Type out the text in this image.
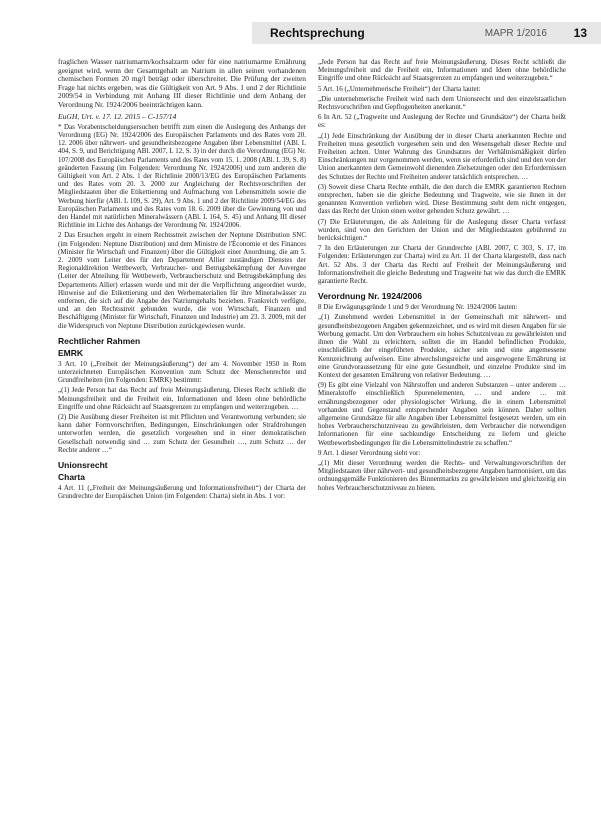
Rechtsprechung	MAPR 1/2016 13

fraglichen Wasser natriumarm/kochsalzarm oder für eine natriumarme Ernährung geeignet wird, wenn der Gesamtgehalt an Natrium in allen seinen vorhandenen chemischen Formen 20 mg/l beträgt oder überschreitet. Die Prüfung der zweiten Frage hat nichts ergeben, was die Gültigkeit von Art. 9 Abs. 1 und 2 der Richtlinie 2009/54 in Verbindung mit Anhang III dieser Richtlinie und dem Anhang der Verordnung Nr. 1924/2006 beeinträchtigen kann.

EuGH, Urt. v. 17. 12. 2015 – C-157/14

* Das Vorabentscheidungsersuchen betrifft zum einen die Auslegung des Anhangs der Verordnung (EG) Nr. 1924/2006 des Europäischen Parlaments und des Rates vom 20. 12. 2006 über nährwert- und gesundheitsbezogene Angaben über Lebensmittel (ABl. L 404, S. 9, und Berichtigung ABl. 2007, L 12, S. 3) in der durch die Verordnung (EG) Nr. 107/2008 des Europäischen Parlaments und des Rates vom 15. 1. 2008 (ABl. L 39, S. 8) geänderten Fassung (im Folgenden: Verordnung Nr. 1924/2006) und zum anderen die Gültigkeit von Art. 2 Abs. 1 der Richtlinie 2000/13/EG des Europäischen Parlaments und des Rates vom 20. 3. 2000 zur Angleichung der Rechtsvorschriften der Mitgliedstaaten über die Etikettierung und Aufmachung von Lebensmitteln sowie die Werbung hierfür (ABl. L 109, S. 29), Art. 9 Abs. 1 und 2 der Richtlinie 2009/54/EG des Europäischen Parlaments und des Rates vom 18. 6. 2009 über die Gewinnung von und den Handel mit natürlichen Mineralwässern (ABl. L 164, S. 45) und Anhang III dieser Richtlinie im Lichte des Anhangs der Verordnung Nr. 1924/2006.

2 Das Ersuchen ergeht in einem Rechtsstreit zwischen der Neptune Distribution SNC (im Folgenden: Neptune Distribution) und dem Ministre de l'Économie et des Finances (Minister für Wirtschaft und Finanzen) über die Gültigkeit einer Anordnung, die am 5. 2. 2009 vom Leiter des für den Departement Allier zuständigen Dienstes der Regionaldirektion Wettbewerb, Verbraucher- und Betrugsbekämpfung der Auvergne (Leiter der Abteilung für Wettbewerb, Verbraucherschutz und Betrugsbekämpfung des Departements Allier) erlassen wurde und mit der die Verpflichtung angeordnet wurde, Hinweise auf die Etikettierung und den Werbematerialien für ihre Mineralwässer zu entfernen, die sich auf die Angabe des Natriumgehalts beziehen. Frankreich verfügte, und an den Rechtsstreit gebunden wurde, die von Wirtschaft, Finanzen und Beschäftigung (Minister für Wirtschaft, Finanzen und Industrie) am 23. 3. 2009, mit der die Widerspruch von Neptune Distribution zurückgewiesen wurde.

Rechtlicher Rahmen
EMRK

3 Art. 10 („Freiheit der Meinungsäußerung“) der am 4. November 1950 in Rom unterzeichneten Europäischen Konvention zum Schutz der Menschenrechte und Grundfreiheiten (im Folgenden: EMRK) bestimmt:

„(1) Jede Person hat das Recht auf freie Meinungsäußerung. Dieses Recht schließt die Meinungsfreiheit und die Freiheit ein, Informationen und Ideen ohne behördliche Eingriffe und ohne Rücksicht auf Staatsgrenzen zu empfangen und weiterzugeben. …

(2) Die Ausübung dieser Freiheiten ist mit Pflichten und Verantwortung verbunden; sie kann daher Formvorschriften, Bedingungen, Einschränkungen oder Strafdrohungen unterworfen werden, die gesetzlich vorgesehen und in einer demokratischen Gesellschaft notwendig sind … zum Schutz der Gesundheit …, zum Schutz … der Rechte anderer …“

Unionsrecht
Charta

4 Art. 11 („Freiheit der Meinungsäußerung und Informationsfreiheit“) der Charta der Grundrechte der Europäischen Union (im Folgenden: Charta) sieht in Abs. 1 vor:

„Jede Person hat das Recht auf freie Meinungsäußerung. Dieses Recht schließt die Meinungsfreiheit und die Freiheit ein, Informationen und Ideen ohne behördliche Eingriffe und ohne Rücksicht auf Staatsgrenzen zu empfangen und weiterzugeben.“

5 Art. 16 („Unternehmerische Freiheit“) der Charta lautet:

„Die unternehmerische Freiheit wird nach dem Unionsrecht und den einzelstaatlichen Rechtsvorschriften und Gepflogenheiten anerkannt.“

6 In Art. 52 („Tragweite und Auslegung der Rechte und Grundsätze“) der Charta heißt es:

„(1) Jede Einschränkung der Ausübung der in dieser Charta anerkannten Rechte und Freiheiten muss gesetzlich vorgesehen sein und den Wesensgehalt dieser Rechte und Freiheiten achten. Unter Wahrung des Grundsatzes der Verhältnismäßigkeit dürfen Einschränkungen nur vorgenommen werden, wenn sie erforderlich sind und den von der Union anerkannten dem Gemeinwohl dienenden Zielsetzungen oder den Erfordernissen des Schutzes der Rechte und Freiheiten anderer tatsächlich entsprechen. …

(3) Soweit diese Charta Rechte enthält, die den durch die EMRK garantierten Rechten entsprechen, haben sie die gleiche Bedeutung und Tragweite, wie sie ihnen in der genannten Konvention verliehen wird. Diese Bestimmung steht dem nicht entgegen, dass das Recht der Union einen weiter gehenden Schutz gewährt. …

(7) Die Erläuterungen, die als Anleitung für die Auslegung dieser Charta verfasst wurden, sind von den Gerichten der Union und der Mitgliedstaaten gebührend zu berücksichtigen.“

7 In den Erläuterungen zur Charta der Grundrechte (ABl. 2007, C 303, S. 17, im Folgenden: Erläuterungen zur Charta) wird zu Art. 11 der Charta klargestellt, dass nach Art. 52 Abs. 3 der Charta das Recht auf Freiheit der Meinungsäußerung und Informationsfreiheit die gleiche Bedeutung und Tragweite hat wie das durch die EMRK garantierte Recht.

Verordnung Nr. 1924/2006

8 Die Erwägungsgründe 1 und 9 der Verordnung Nr. 1924/2006 lauten:

„(1) Zunehmend werden Lebensmittel in der Gemeinschaft mit nährwert- und gesundheitsbezogenen Angaben gekennzeichnet, und es wird mit diesen Angaben für sie Werbung gemacht. Um den Verbrauchern ein hohes Schutzniveau zu gewährleisten und ihnen die Wahl zu erleichtern, sollten die im Handel befindlichen Produkte, einschließlich der eingeführten Produkte, sicher sein und eine angemessene Kennzeichnung aufweisen. Eine abwechslungsreiche und ausgewogene Ernährung ist eine Grundvoraussetzung für eine gute Gesundheit, und einzelne Produkte sind im Kontext der gesamten Ernährung von relativer Bedeutung. …

(9) Es gibt eine Vielzahl von Nährstoffen und anderen Substanzen – unter anderem … Mineralstoffe einschließlich Spurenelementen, … und andere … mit ernährungsbezogener oder physiologischer Wirkung, die in einem Lebensmittel vorhanden und Gegenstand entsprechender Angaben sein können. Daher sollten allgemeine Grundsätze für alle Angaben über Lebensmittel festgesetzt werden, um ein hohes Verbraucherschutzniveau zu gewährleisten, dem Verbraucher die notwendigen Informationen für eine sachkundige Entscheidung zu liefern und gleiche Wettbewerbsbedingungen für die Lebensmittelindustrie zu schaffen.“

9 Art. 1 dieser Verordnung sieht vor:

„(1) Mit dieser Verordnung werden die Rechts- und Verwaltungsvorschriften der Mitgliedstaaten über nährwert- und gesundheitsbezogene Angaben harmonisiert, um das ordnungsgemäße Funktionieren des Binnenmarkts zu gewährleisten und gleichzeitig ein hohes Verbraucherschutzniveau zu bieten.
